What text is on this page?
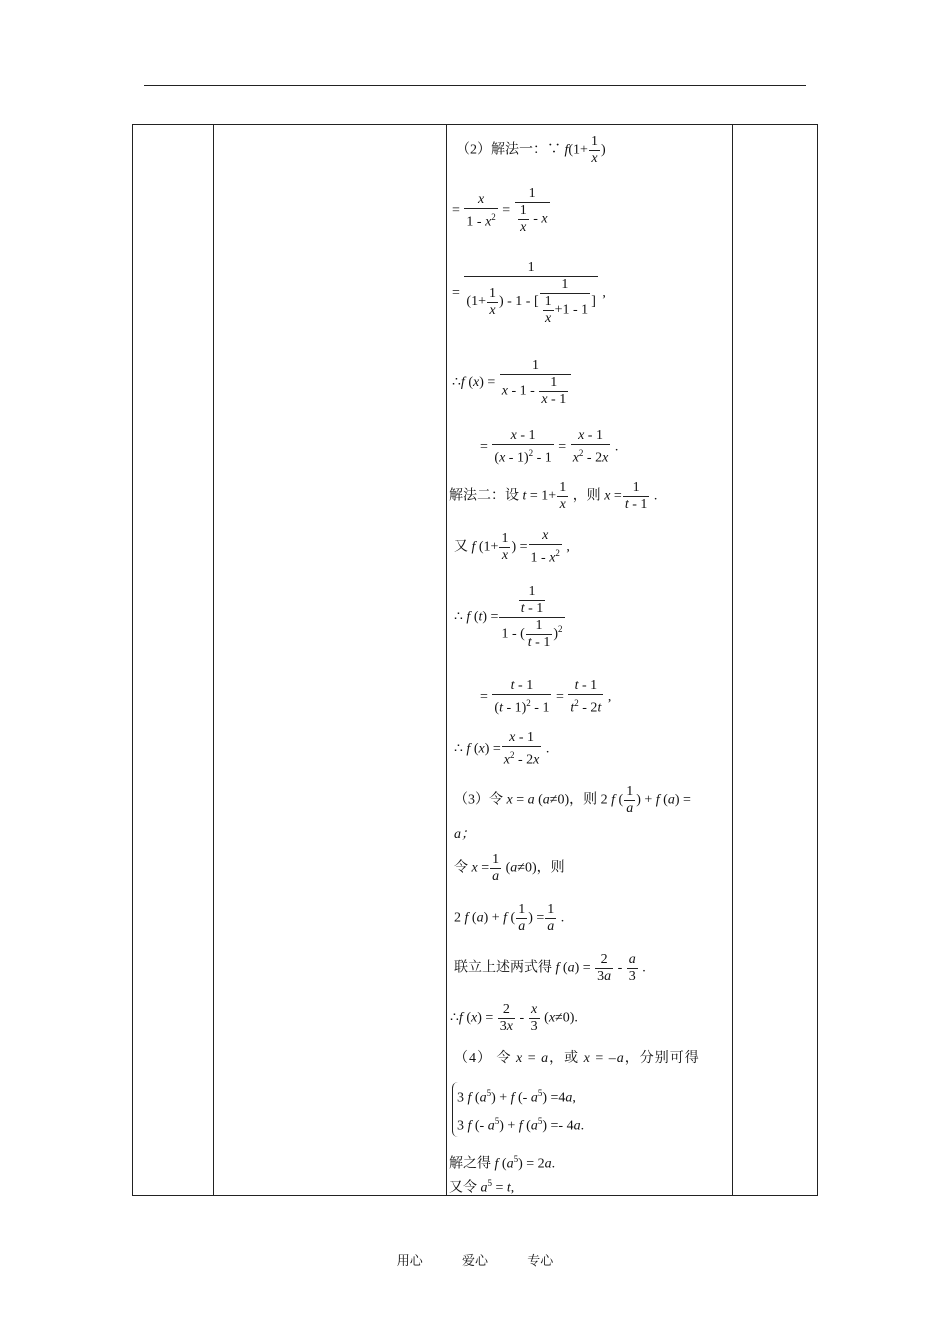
（2）解法一：∵ $f(1+ \frac{1}{x}$ )
= $\frac{x}{1 - x^2} = \frac{1}{\frac{1}{x} - x}$
= $\frac{1}{(1+ \frac{1}{x} ) - 1 - [ \frac{1}{\frac{1}{x} +1 - 1} ]}$ ,
∴f $(x) = \frac{1}{x - 1 - \frac{1}{x - 1}}$
= $\frac{x - 1}{(x - 1)^2 - 1} = \frac{x - 1}{x^2 - 2x}$ .
解法二：设 $t = 1+ \frac{1}{x}$ ，则 $x = \frac{1}{t - 1}$ .
又 f ($1+ \frac{1}{x}$ ) = $\frac{x}{1 - x^2}$ ,
∴ f $(t) = \frac{\frac{1}{t - 1}}{1 - ( \frac{1}{t - 1} )^2}$
= $\frac{t - 1}{(t - 1)^2 - 1} = \frac{t - 1}{t^2 - 2t}$ ,
∴ f $(x) = \frac{x - 1}{x^2 - 2x}$ .
（3）令 x = a (a≠0)，则 2 f ( $\frac{1}{a}$ ) + f (a) =
a；
令 $x = \frac{1}{a} (a\ne 0)$，则
2 f (a) + f ( $\frac{1}{a}$ ) = $\frac{1}{a}$ .
联立上述两式得 f $(a) = \frac{2}{3a} - \frac{a}{3}$ .
∴f $(x) = \frac{2}{3x} - \frac{x}{3} (x\ne 0)$.
（4） 令 x = a，或 x = –a，分别可得
3 f $(a^5) + f$ (- $a^5) =4a$,
3 f (- $a^5) + f$ $(a^5) =- 4a$.
解之得 f $(a^5) = 2a$.
又令 $a^5 = t$,
用心	爱心	专心
